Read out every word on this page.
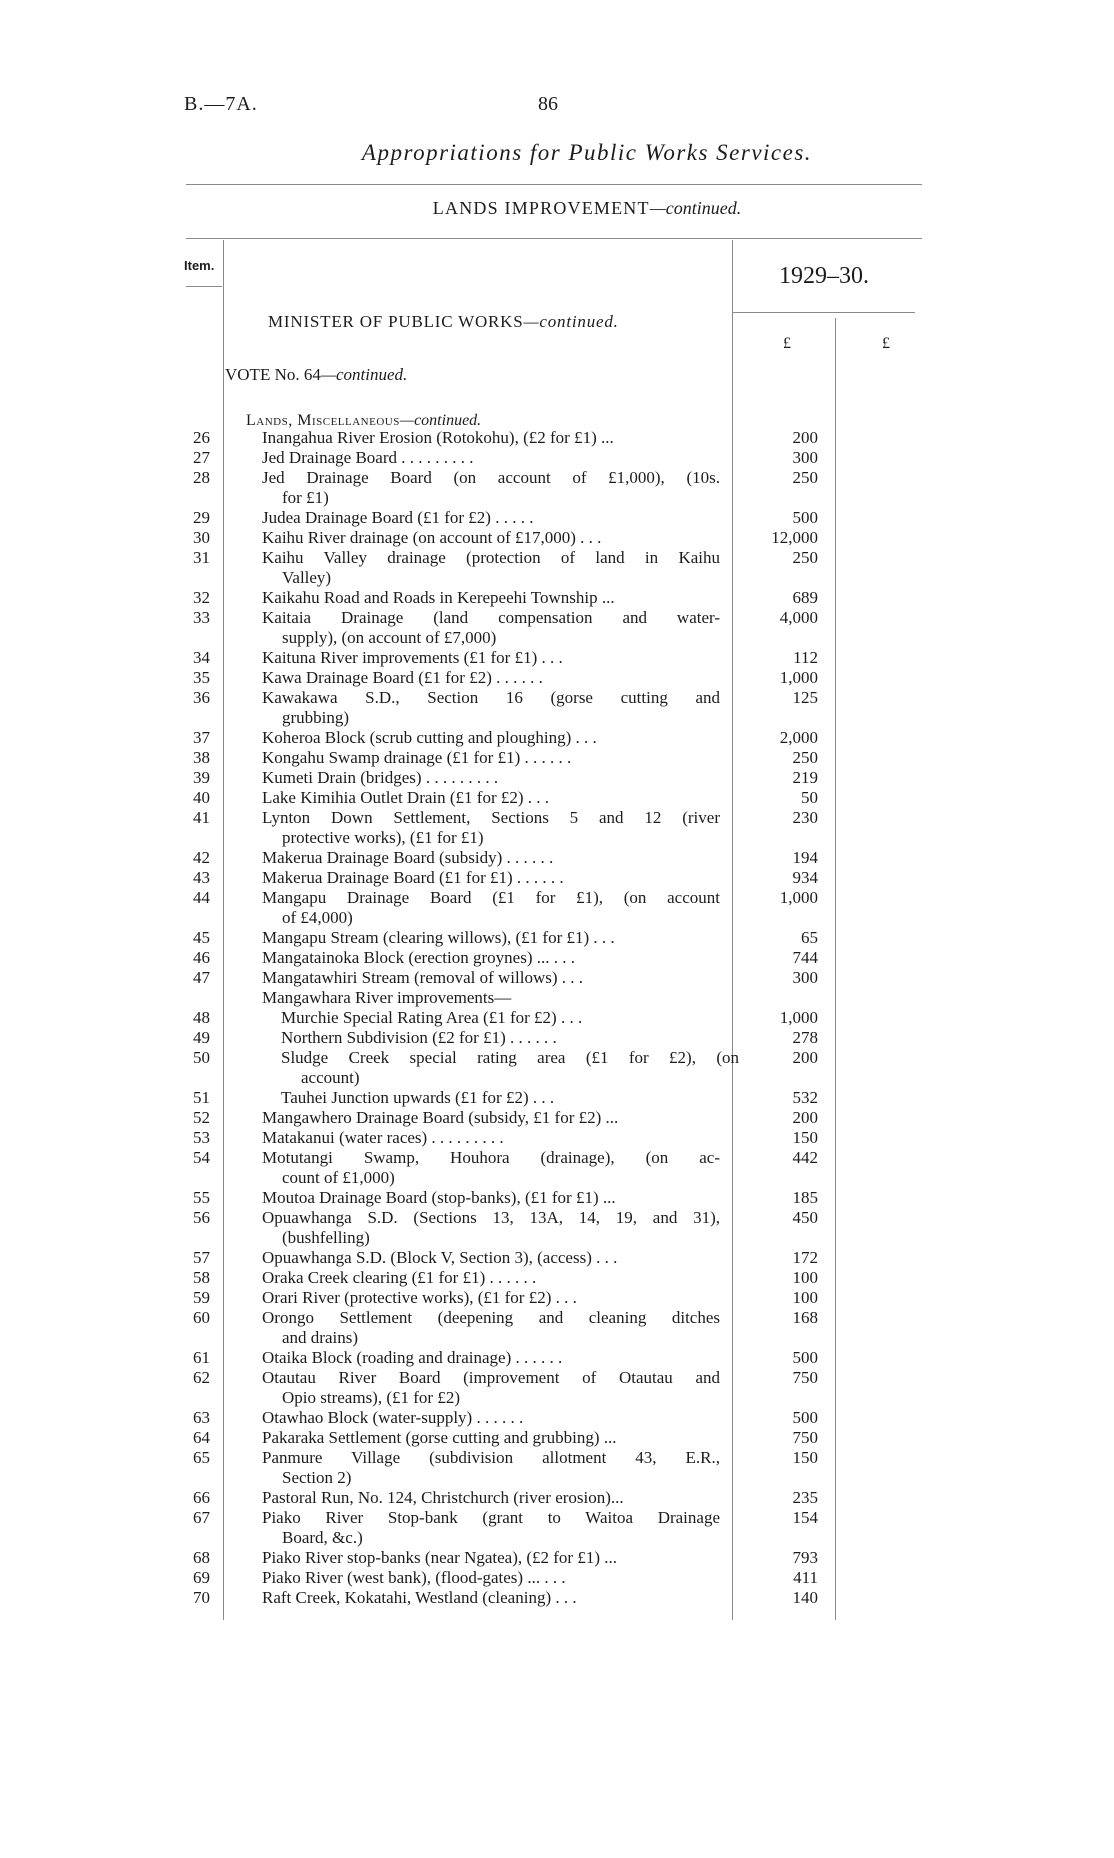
B.—7A.	86
Appropriations for Public Works Services.
LANDS IMPROVEMENT—continued.
Item.	1929–30.
£	£
MINISTER OF PUBLIC WORKS—continued.
VOTE No. 64—continued.
Lands, Miscellaneous—continued.
26	Inangahua River Erosion (Rotokohu), (£2 for £1) ...	200
27	Jed Drainage Board . . . . . . . . .	300
28	Jed Drainage Board (on account of £1,000), (10s.	250
for £1)
29	Judea Drainage Board (£1 for £2) . . . . .	500
30	Kaihu River drainage (on account of £17,000) . . .	12,000
31	Kaihu Valley drainage (protection of land in Kaihu	250
Valley)
32	Kaikahu Road and Roads in Kerepeehi Township ...	689
33	Kaitaia Drainage (land compensation and water-	4,000
supply), (on account of £7,000)
34	Kaituna River improvements (£1 for £1) . . .	112
35	Kawa Drainage Board (£1 for £2) . . . . . .	1,000
36	Kawakawa S.D., Section 16 (gorse cutting and	125
grubbing)
37	Koheroa Block (scrub cutting and ploughing) . . .	2,000
38	Kongahu Swamp drainage (£1 for £1) . . . . . .	250
39	Kumeti Drain (bridges) . . . . . . . . .	219
40	Lake Kimihia Outlet Drain (£1 for £2) . . .	50
41	Lynton Down Settlement, Sections 5 and 12 (river	230
protective works), (£1 for £1)
42	Makerua Drainage Board (subsidy) . . . . . .	194
43	Makerua Drainage Board (£1 for £1) . . . . . .	934
44	Mangapu Drainage Board (£1 for £1), (on account	1,000
of £4,000)
45	Mangapu Stream (clearing willows), (£1 for £1) . . .	65
46	Mangatainoka Block (erection groynes) ... . . .	744
47	Mangatawhiri Stream (removal of willows) . . .	300
Mangawhara River improvements—
48	Murchie Special Rating Area (£1 for £2) . . .	1,000
49	Northern Subdivision (£2 for £1) . . . . . .	278
50	Sludge Creek special rating area (£1 for £2), (on	200
account)
51	Tauhei Junction upwards (£1 for £2) . . .	532
52	Mangawhero Drainage Board (subsidy, £1 for £2) ...	200
53	Matakanui (water races) . . . . . . . . .	150
54	Motutangi Swamp, Houhora (drainage), (on ac-	442
count of £1,000)
55	Moutoa Drainage Board (stop-banks), (£1 for £1) ...	185
56	Opuawhanga S.D. (Sections 13, 13A, 14, 19, and 31),	450
(bushfelling)
57	Opuawhanga S.D. (Block V, Section 3), (access) . . .	172
58	Oraka Creek clearing (£1 for £1) . . . . . .	100
59	Orari River (protective works), (£1 for £2) . . .	100
60	Orongo Settlement (deepening and cleaning ditches	168
and drains)
61	Otaika Block (roading and drainage) . . . . . .	500
62	Otautau River Board (improvement of Otautau and	750
Opio streams), (£1 for £2)
63	Otawhao Block (water-supply) . . . . . .	500
64	Pakaraka Settlement (gorse cutting and grubbing) ...	750
65	Panmure Village (subdivision allotment 43, E.R.,	150
Section 2)
66	Pastoral Run, No. 124, Christchurch (river erosion)...	235
67	Piako River Stop-bank (grant to Waitoa Drainage	154
Board, &c.)
68	Piako River stop-banks (near Ngatea), (£2 for £1) ...	793
69	Piako River (west bank), (flood-gates) ... . . .	411
70	Raft Creek, Kokatahi, Westland (cleaning) . . .	140
